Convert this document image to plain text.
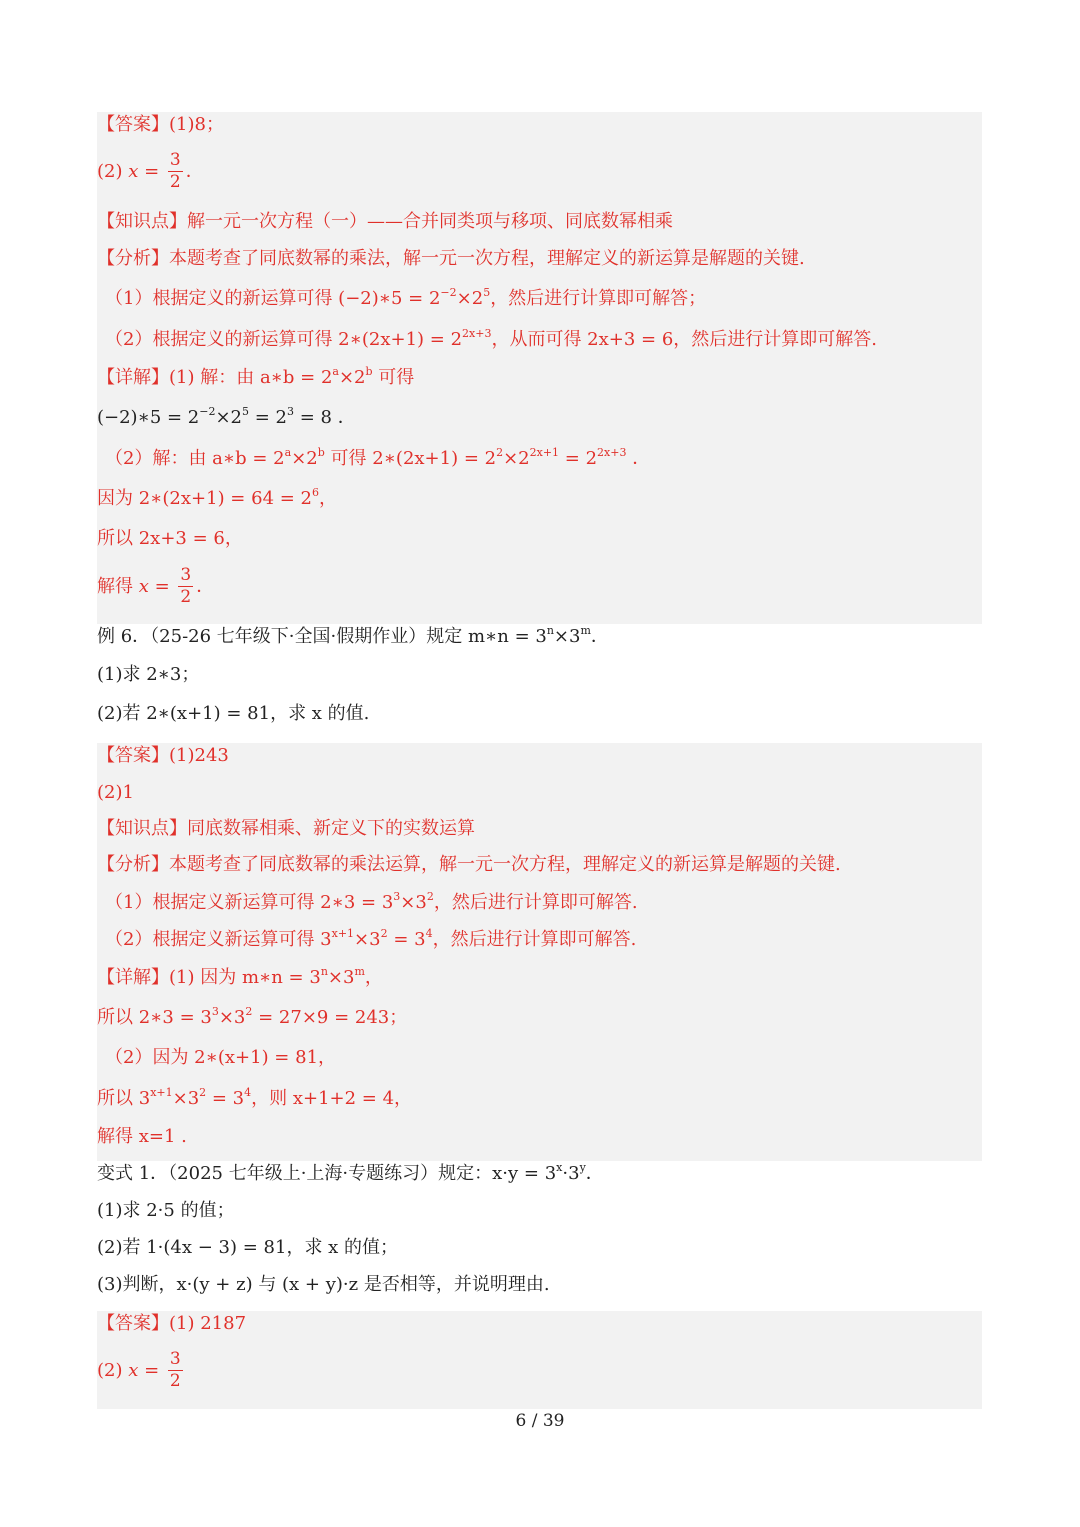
【答案】(1)8；
(2) $x = \frac{3}{2}$ ．
【知识点】解一元一次方程（一）——合并同类项与移项、同底数幂相乘
【分析】本题考查了同底数幂的乘法，解一元一次方程，理解定义的新运算是解题的关键.
（1）根据定义的新运算可得 (−2)∗5 = $2^{-2}\times 2^5$，然后进行计算即可解答；
（2）根据定义的新运算可得 2∗(2x+1) = $2^{2x+3}$，从而可得 2x+3 = 6，然后进行计算即可解答.
【详解】(1) 解：由 a∗b = $2^a\times 2^b$ 可得
(−2)∗5 = $2^{-2}\times 2^5 = 2^3 = 8$ ．
（2）解：由 a∗b = $2^a\times 2^b$ 可得 2∗(2x+1) = $2^2\times 2^{2x+1} = 2^{2x+3}$ ．
因为 2∗(2x+1) = $64 = 2^6$，
所以 2x+3 = 6，
解得 $x = \frac{3}{2}$ ．
例 6．（25-26 七年级下·全国·假期作业）规定 m∗n = $3^n\times 3^m$．
(1)求 2∗3；
(2)若 2∗(x+1) = 81，求 x 的值.
【答案】(1)243
(2)1
【知识点】同底数幂相乘、新定义下的实数运算
【分析】本题考查了同底数幂的乘法运算，解一元一次方程，理解定义的新运算是解题的关键.
（1）根据定义新运算可得 2∗3 = $3^3\times 3^2$，然后进行计算即可解答.
（2）根据定义新运算可得 $3^{x+1}\times 3^2 = 3^4$，然后进行计算即可解答.
【详解】(1) 因为 m∗n = $3^n\times 3^m$，
所以 2∗3 = $3^3\times 3^2 = 27\times 9 = 243$；
（2）因为 2∗(x+1) = 81，
所以 $3^{x+1}\times 3^2 = 3^4$，则 x+1+2 = 4，
解得 x=1 .
变式 1．（2025 七年级上·上海·专题练习）规定：$x\cdot y = 3^x\cdot 3^y$．
(1)求 2·5 的值；
(2)若 1·(4x − 3) = 81，求 x 的值；
(3)判断，x·(y + z) 与 (x + y)·z 是否相等，并说明理由.
【答案】(1) 2187
(2) $x = \frac{3}{2}$
6 / 39
